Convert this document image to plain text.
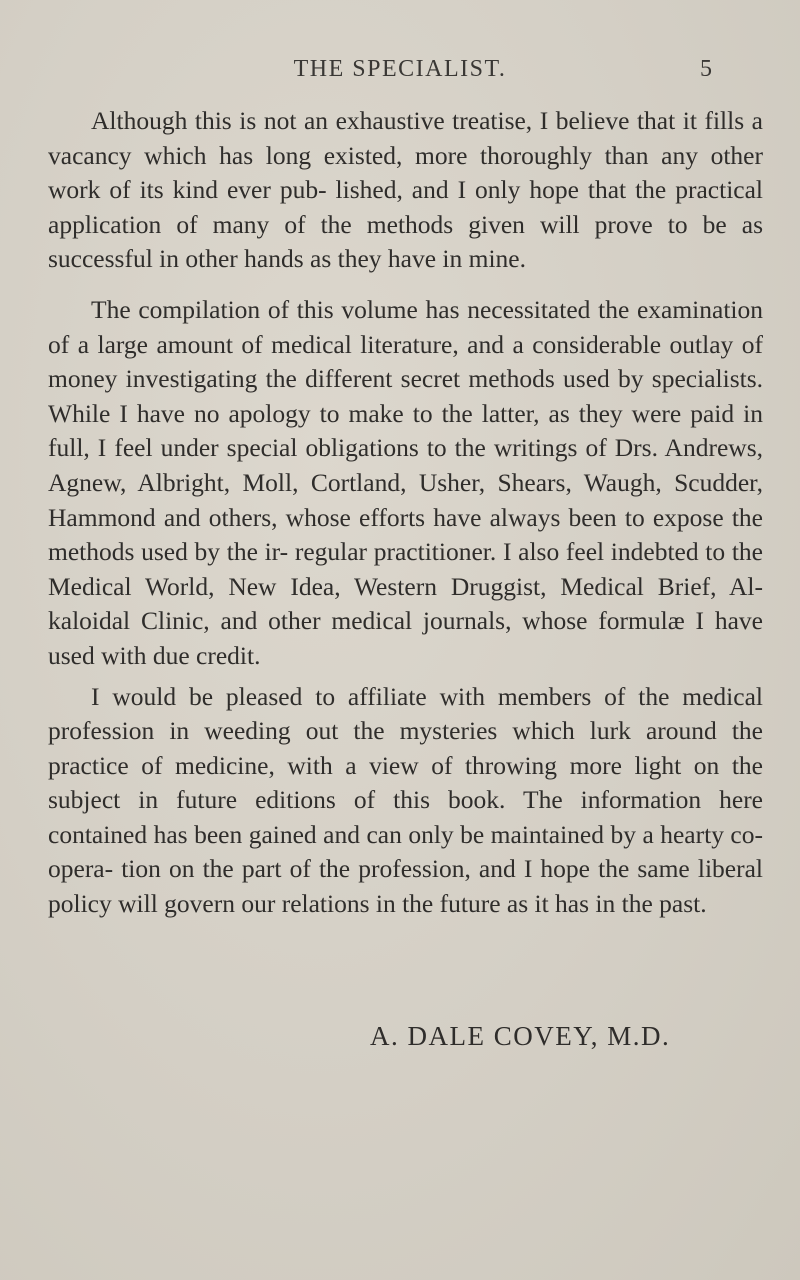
THE SPECIALIST.	5

Although this is not an exhaustive treatise, I believe that it fills a vacancy which has long existed, more thoroughly than any other work of its kind ever pub- lished, and I only hope that the practical application of many of the methods given will prove to be as successful in other hands as they have in mine.

The compilation of this volume has necessitated the examination of a large amount of medical literature, and a considerable outlay of money investigating the different secret methods used by specialists. While I have no apology to make to the latter, as they were paid in full, I feel under special obligations to the writings of Drs. Andrews, Agnew, Albright, Moll, Cortland, Usher, Shears, Waugh, Scudder, Hammond and others, whose efforts have always been to expose the methods used by the ir- regular practitioner. I also feel indebted to the Medical World, New Idea, Western Druggist, Medical Brief, Al- kaloidal Clinic, and other medical journals, whose formulæ I have used with due credit.

I would be pleased to affiliate with members of the medical profession in weeding out the mysteries which lurk around the practice of medicine, with a view of throwing more light on the subject in future editions of this book. The information here contained has been gained and can only be maintained by a hearty co-opera- tion on the part of the profession, and I hope the same liberal policy will govern our relations in the future as it has in the past.

A. DALE COVEY, M.D.
